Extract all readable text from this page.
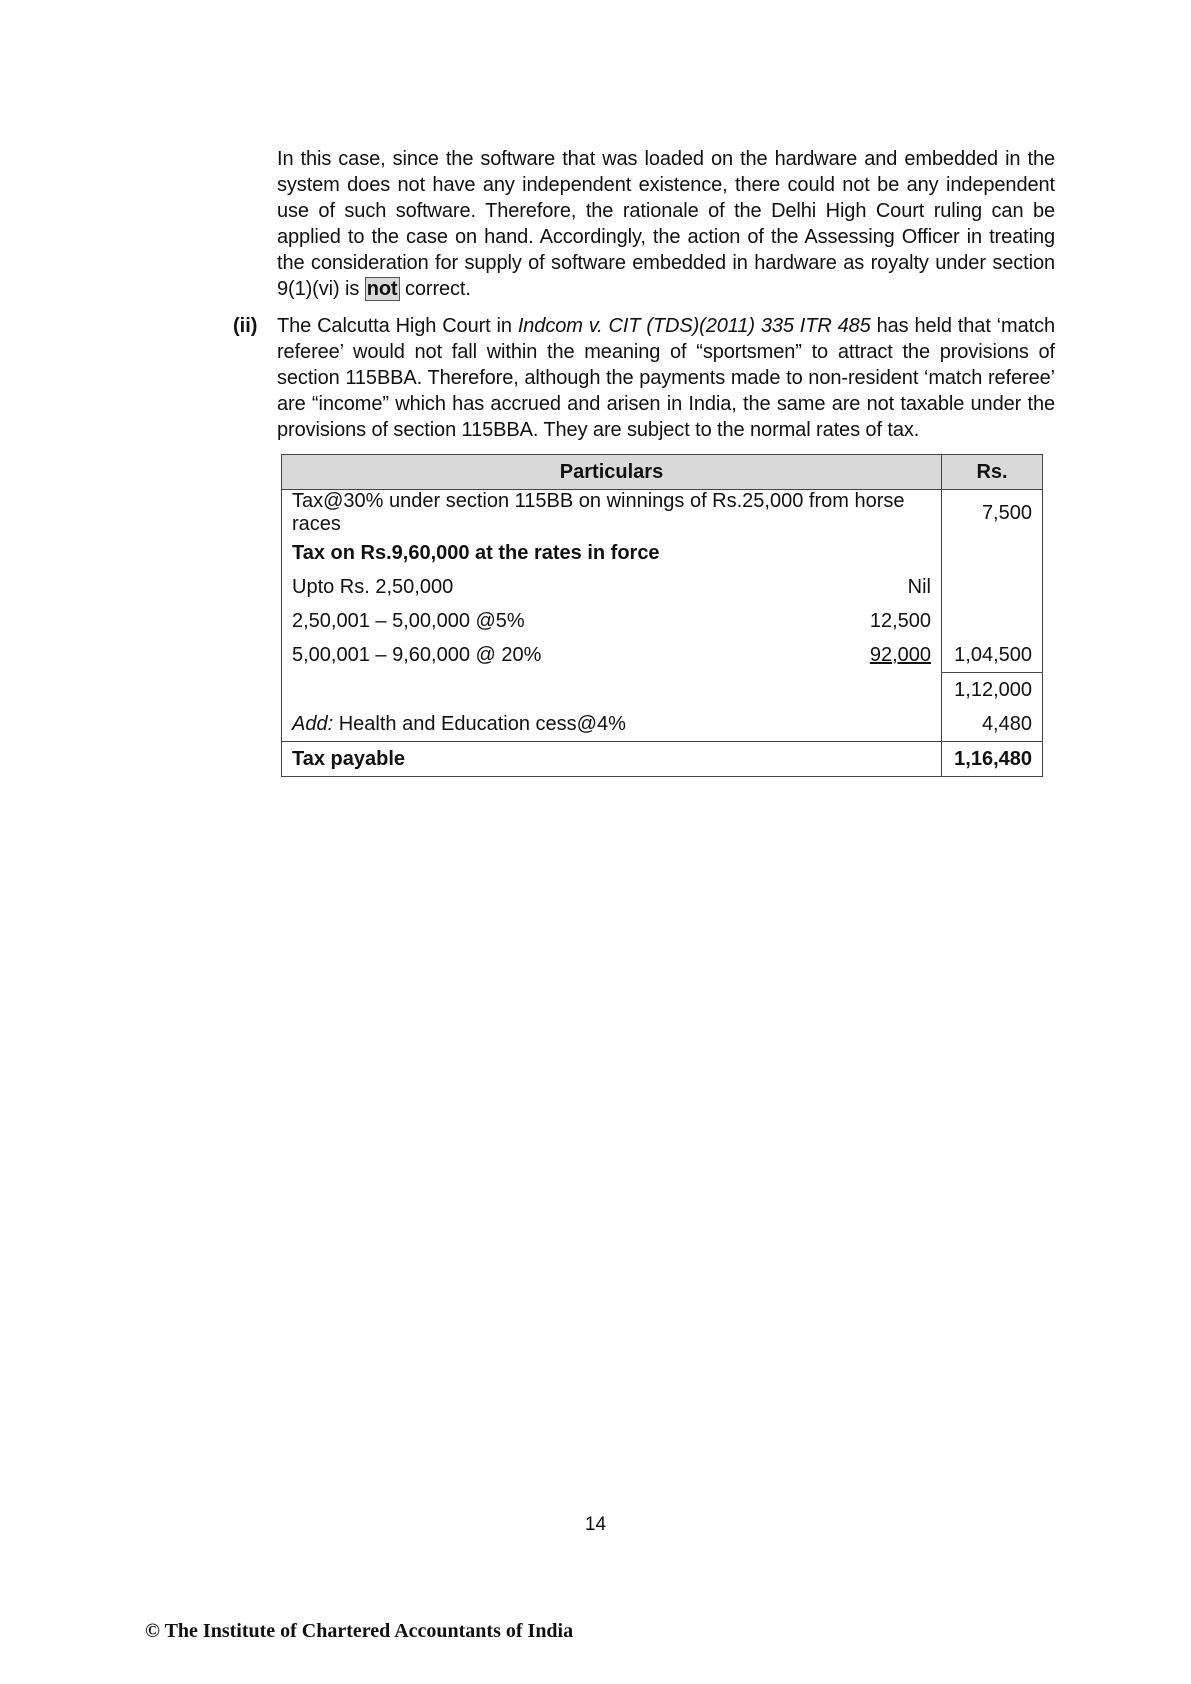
In this case, since the software that was loaded on the hardware and embedded in the system does not have any independent existence, there could not be any independent use of such software. Therefore, the rationale of the Delhi High Court ruling can be applied to the case on hand. Accordingly, the action of the Assessing Officer in treating the consideration for supply of software embedded in hardware as royalty under section 9(1)(vi) is not correct.
(ii) The Calcutta High Court in Indcom v. CIT (TDS)(2011) 335 ITR 485 has held that ‘match referee’ would not fall within the meaning of “sportsmen” to attract the provisions of section 115BBA. Therefore, although the payments made to non-resident ‘match referee’ are “income” which has accrued and arisen in India, the same are not taxable under the provisions of section 115BBA. They are subject to the normal rates of tax.
Particulars	Rs.
Tax@30% under section 115BB on winnings of Rs.25,000 from horse races	7,500
Tax on Rs.9,60,000 at the rates in force	

Upto Rs. 2,50,000 Nil	

2,50,001 – 5,00,000 @5% 12,500	

5,00,001 – 9,60,000 @ 20% 92,000	1,04,500
	1,12,000
Add: Health and Education cess@4%	4,480
Tax payable	1,16,480
14
© The Institute of Chartered Accountants of India
